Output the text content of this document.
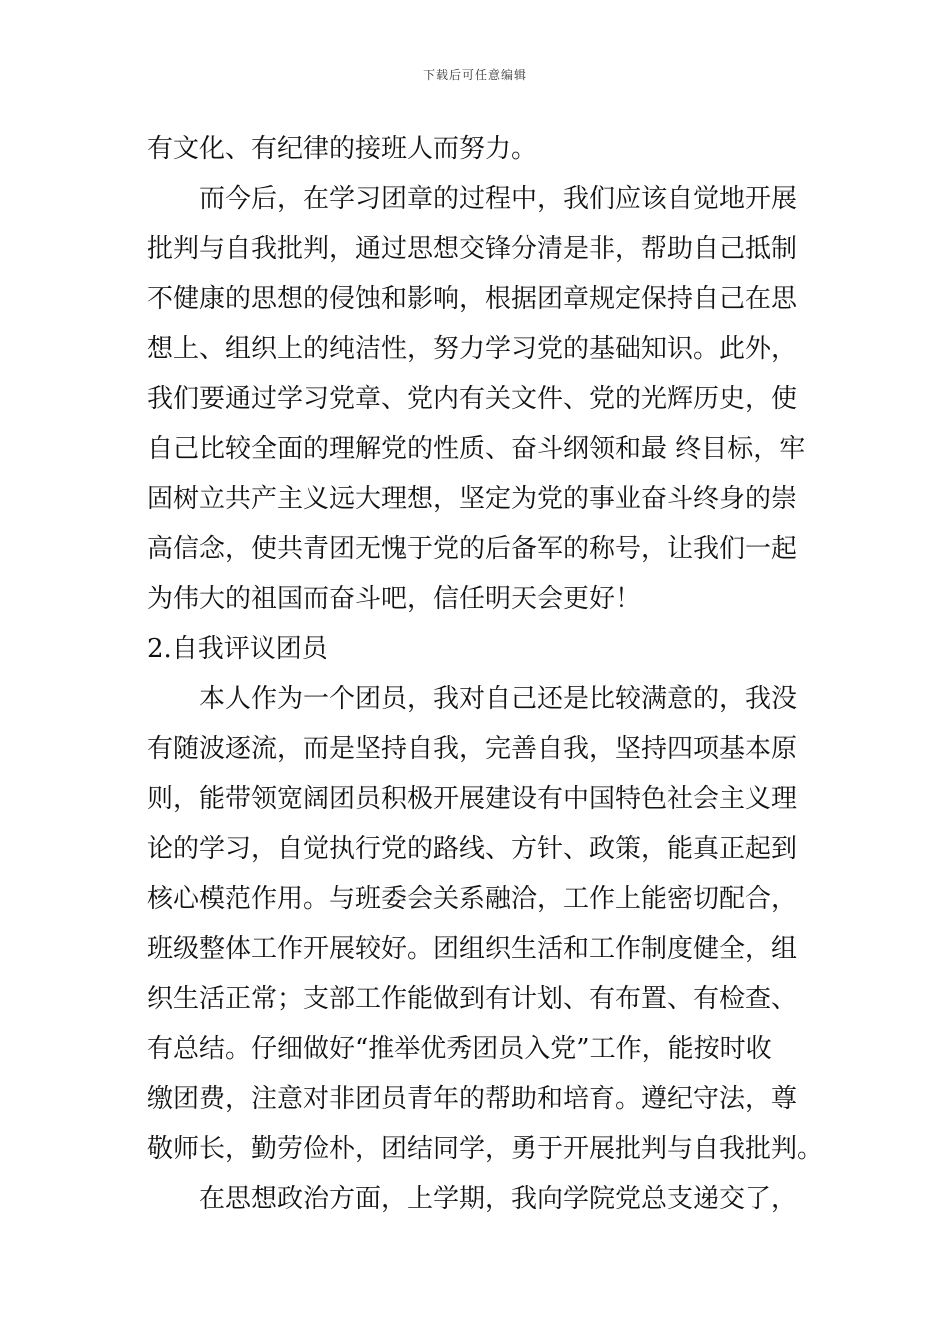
下载后可任意编辑
有文化、有纪律的接班人而努力。
　　而今后，在学习团章的过程中，我们应该自觉地开展
批判与自我批判，通过思想交锋分清是非，帮助自己抵制
不健康的思想的侵蚀和影响，根据团章规定保持自己在思
想上、组织上的纯洁性，努力学习党的基础知识。此外，
我们要通过学习党章、党内有关文件、党的光辉历史，使
自己比较全面的理解党的性质、奋斗纲领和最 终目标，牢
固树立共产主义远大理想，坚定为党的事业奋斗终身的崇
高信念，使共青团无愧于党的后备军的称号，让我们一起
为伟大的祖国而奋斗吧，信任明天会更好！
2.自我评议团员
　　本人作为一个团员，我对自己还是比较满意的，我没
有随波逐流，而是坚持自我，完善自我，坚持四项基本原
则，能带领宽阔团员积极开展建设有中国特色社会主义理
论的学习，自觉执行党的路线、方针、政策，能真正起到
核心模范作用。与班委会关系融洽，工作上能密切配合，
班级整体工作开展较好。团组织生活和工作制度健全，组
织生活正常；支部工作能做到有计划、有布置、有检查、
有总结。仔细做好“推举优秀团员入党”工作，能按时收
缴团费，注意对非团员青年的帮助和培育。遵纪守法，尊
敬师长，勤劳俭朴，团结同学，勇于开展批判与自我批判。
　　在思想政治方面，上学期，我向学院党总支递交了，
